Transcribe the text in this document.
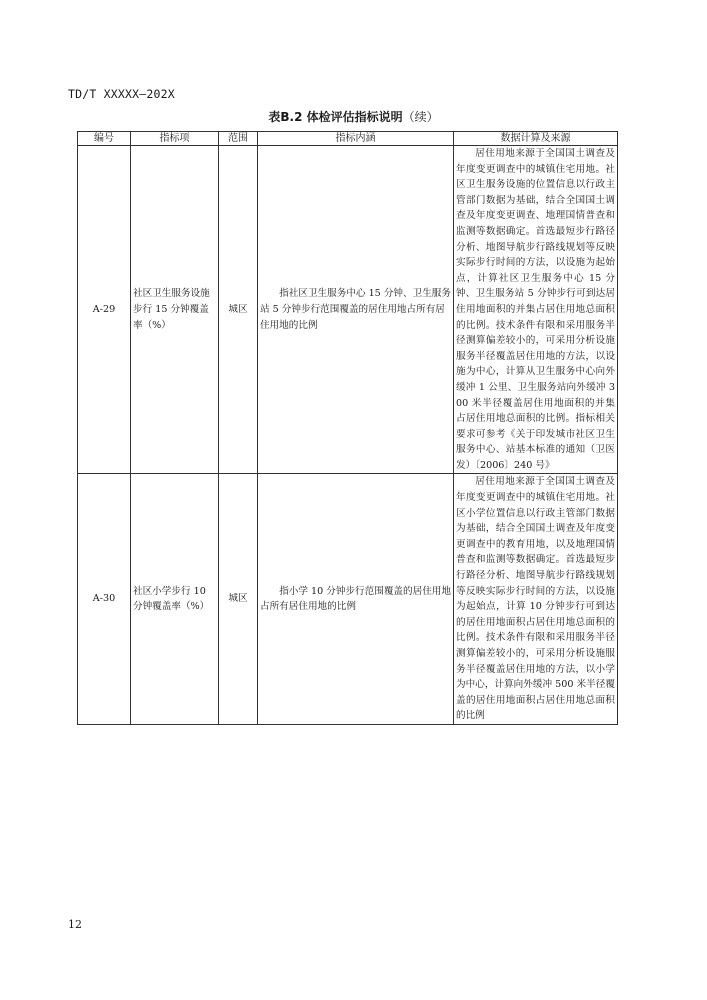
TD/T XXXXX—202X
表B.2 体检评估指标说明（续）
编号	指标项	范围	指标内涵	数据计算及来源
A-29	社区卫生服务设施步行 15 分钟覆盖率（%）	城区	指社区卫生服务中心 15 分钟、卫生服务站 5 分钟步行范围覆盖的居住用地占所有居住用地的比例	居住用地来源于全国国土调查及年度变更调查中的城镇住宅用地。社区卫生服务设施的位置信息以行政主管部门数据为基础，结合全国国土调查及年度变更调查、地理国情普查和监测等数据确定。首选最短步行路径分析、地图导航步行路线规划等反映实际步行时间的方法，以设施为起始点，计算社区卫生服务中心 15 分钟、卫生服务站 5 分钟步行可到达居住用地面积的并集占居住用地总面积的比例。技术条件有限和采用服务半径测算偏差较小的，可采用分析设施服务半径覆盖居住用地的方法，以设施为中心，计算从卫生服务中心向外缓冲 1 公里、卫生服务站向外缓冲 300 米半径覆盖居住用地面积的并集占居住用地总面积的比例。指标相关要求可参考《关于印发城市社区卫生服务中心、站基本标准的通知（卫医发）〔2006〕240 号》

A-30	社区小学步行 10 分钟覆盖率（%）	城区	指小学 10 分钟步行范围覆盖的居住用地占所有居住用地的比例	居住用地来源于全国国土调查及年度变更调查中的城镇住宅用地。社区小学位置信息以行政主管部门数据为基础，结合全国国土调查及年度变更调查中的教育用地，以及地理国情普查和监测等数据确定。首选最短步行路径分析、地图导航步行路线规划等反映实际步行时间的方法，以设施为起始点，计算 10 分钟步行可到达的居住用地面积占居住用地总面积的比例。技术条件有限和采用服务半径测算偏差较小的，可采用分析设施服务半径覆盖居住用地的方法，以小学为中心，计算向外缓冲 500 米半径覆盖的居住用地面积占居住用地总面积的比例
12
